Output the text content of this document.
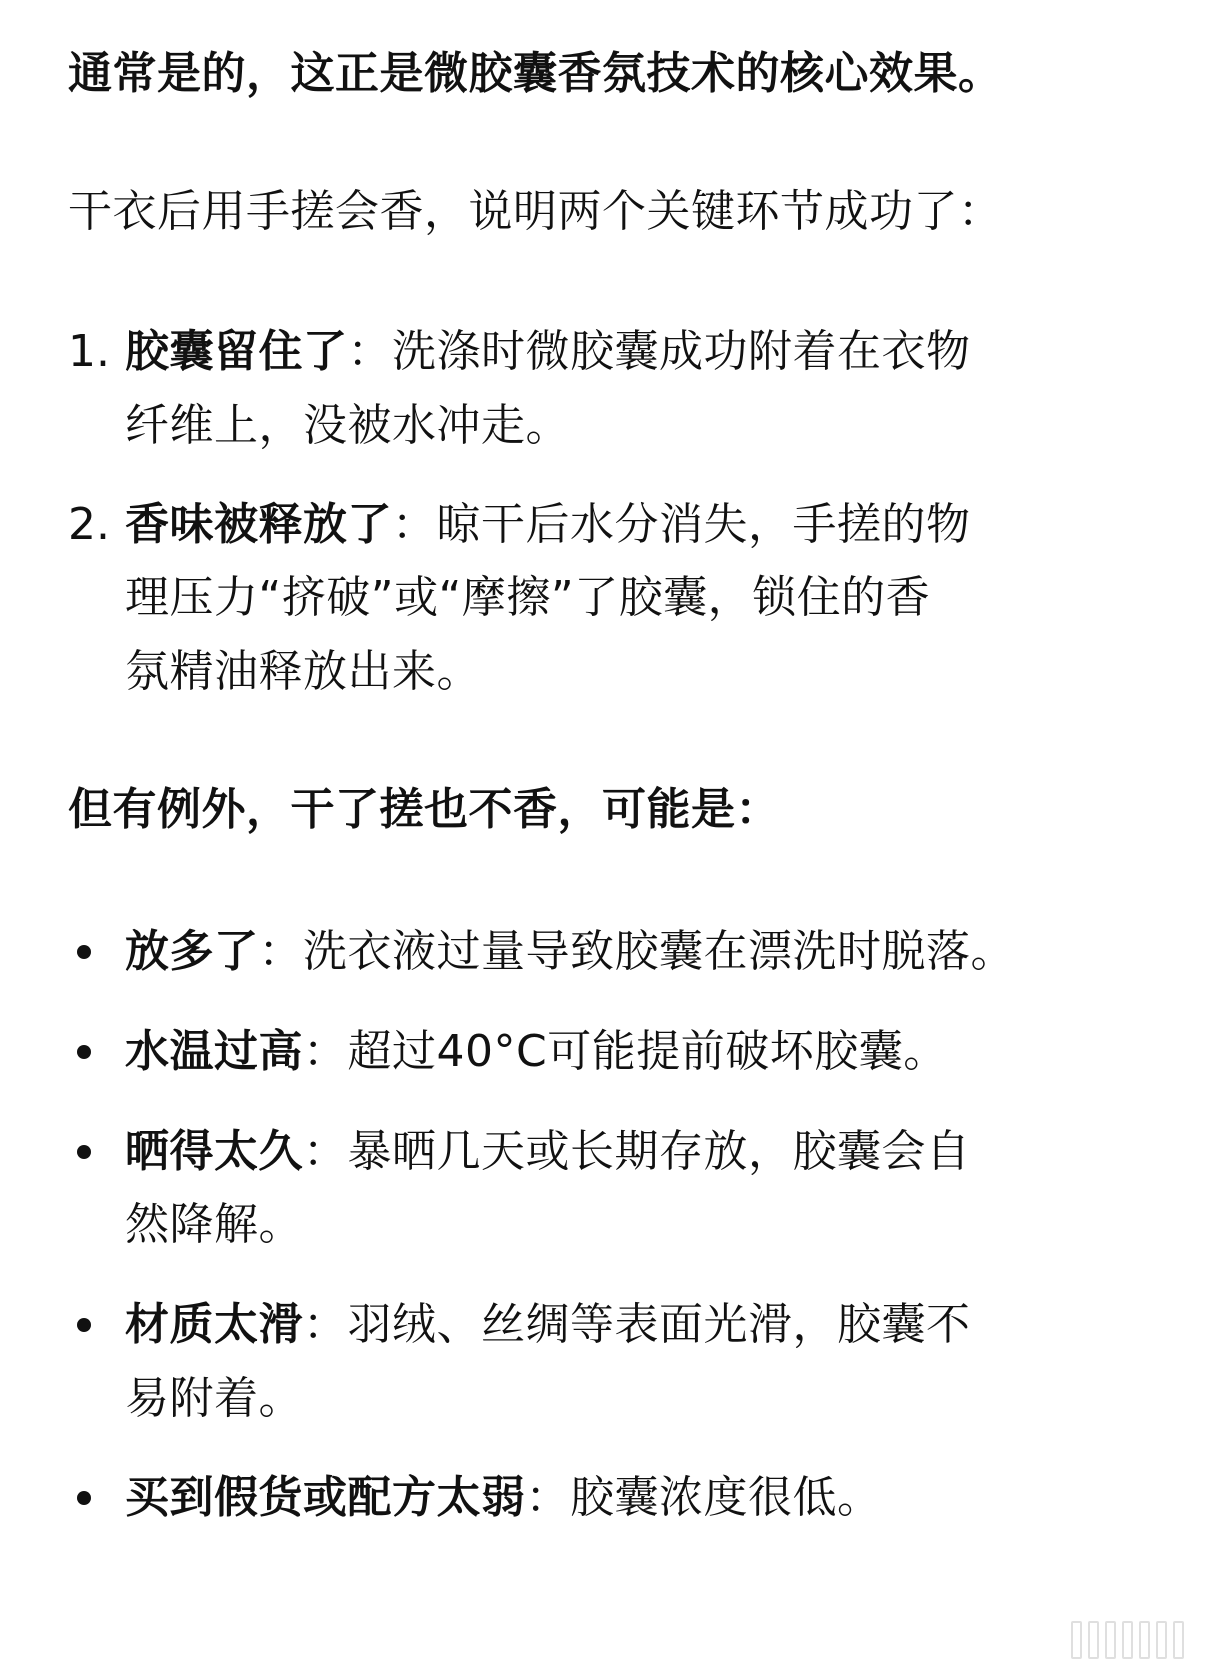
通常是的，这正是微胶囊香氛技术的核心效果。
干衣后用手搓会香，说明两个关键环节成功了：
1. 胶囊留住了：洗涤时微胶囊成功附着在衣物
纤维上，没被水冲走。
2. 香味被释放了：晾干后水分消失，手搓的物
理压力“挤破”或“摩擦”了胶囊，锁住的香
氛精油释放出来。
但有例外，干了搓也不香，可能是：
放多了：洗衣液过量导致胶囊在漂洗时脱落。
水温过高：超过40°C可能提前破坏胶囊。
晒得太久：暴晒几天或长期存放，胶囊会自
然降解。
材质太滑：羽绒、丝绸等表面光滑，胶囊不
易附着。
买到假货或配方太弱：胶囊浓度很低。
